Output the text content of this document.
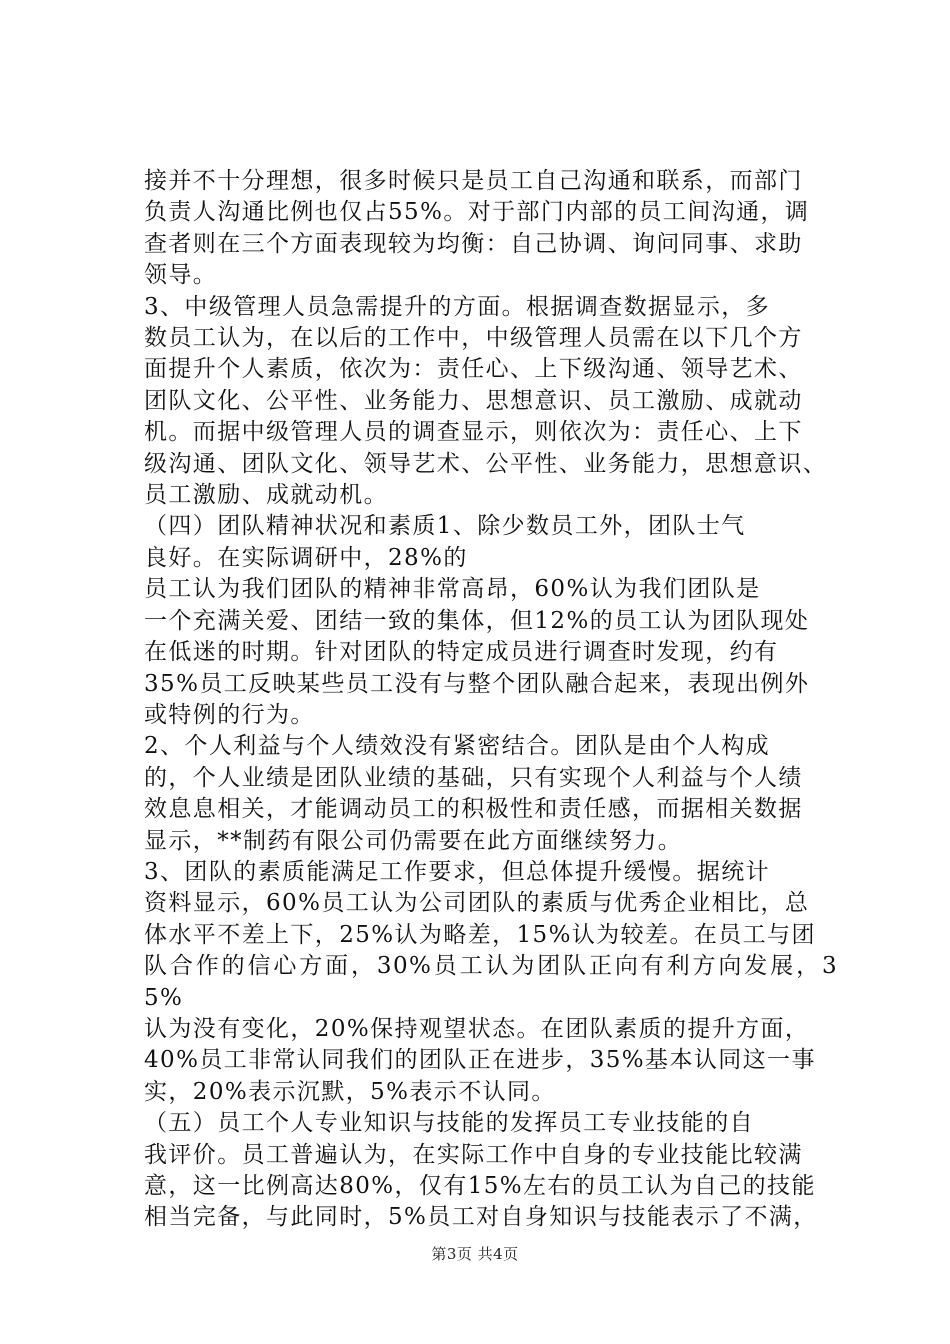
接并不十分理想，很多时候只是员工自己沟通和联系，而部门
负责人沟通比例也仅占55%。对于部门内部的员工间沟通，调
查者则在三个方面表现较为均衡：自己协调、询问同事、求助
领导。

3、中级管理人员急需提升的方面。根据调查数据显示，多
数员工认为，在以后的工作中，中级管理人员需在以下几个方
面提升个人素质，依次为：责任心、上下级沟通、领导艺术、
团队文化、公平性、业务能力、思想意识、员工激励、成就动
机。而据中级管理人员的调查显示，则依次为：责任心、上下
级沟通、团队文化、领导艺术、公平性、业务能力，思想意识、
员工激励、成就动机。

（四）团队精神状况和素质1、除少数员工外，团队士气
良好。在实际调研中，28%的

员工认为我们团队的精神非常高昂，60%认为我们团队是
一个充满关爱、团结一致的集体，但12%的员工认为团队现处
在低迷的时期。针对团队的特定成员进行调查时发现，约有
35%员工反映某些员工没有与整个团队融合起来，表现出例外
或特例的行为。

2、个人利益与个人绩效没有紧密结合。团队是由个人构成
的，个人业绩是团队业绩的基础，只有实现个人利益与个人绩
效息息相关，才能调动员工的积极性和责任感，而据相关数据
显示，**制药有限公司仍需要在此方面继续努力。

3、团队的素质能满足工作要求，但总体提升缓慢。据统计
资料显示，60%员工认为公司团队的素质与优秀企业相比，总
体水平不差上下，25%认为略差，15%认为较差。在员工与团
队合作的信心方面，30%员工认为团队正向有利方向发展，35%
认为没有变化，20%保持观望状态。在团队素质的提升方面，
40%员工非常认同我们的团队正在进步，35%基本认同这一事
实，20%表示沉默，5%表示不认同。

（五）员工个人专业知识与技能的发挥员工专业技能的自
我评价。员工普遍认为，在实际工作中自身的专业技能比较满
意，这一比例高达80%，仅有15%左右的员工认为自己的技能
相当完备，与此同时，5%员工对自身知识与技能表示了不满，

第3页 共4页
